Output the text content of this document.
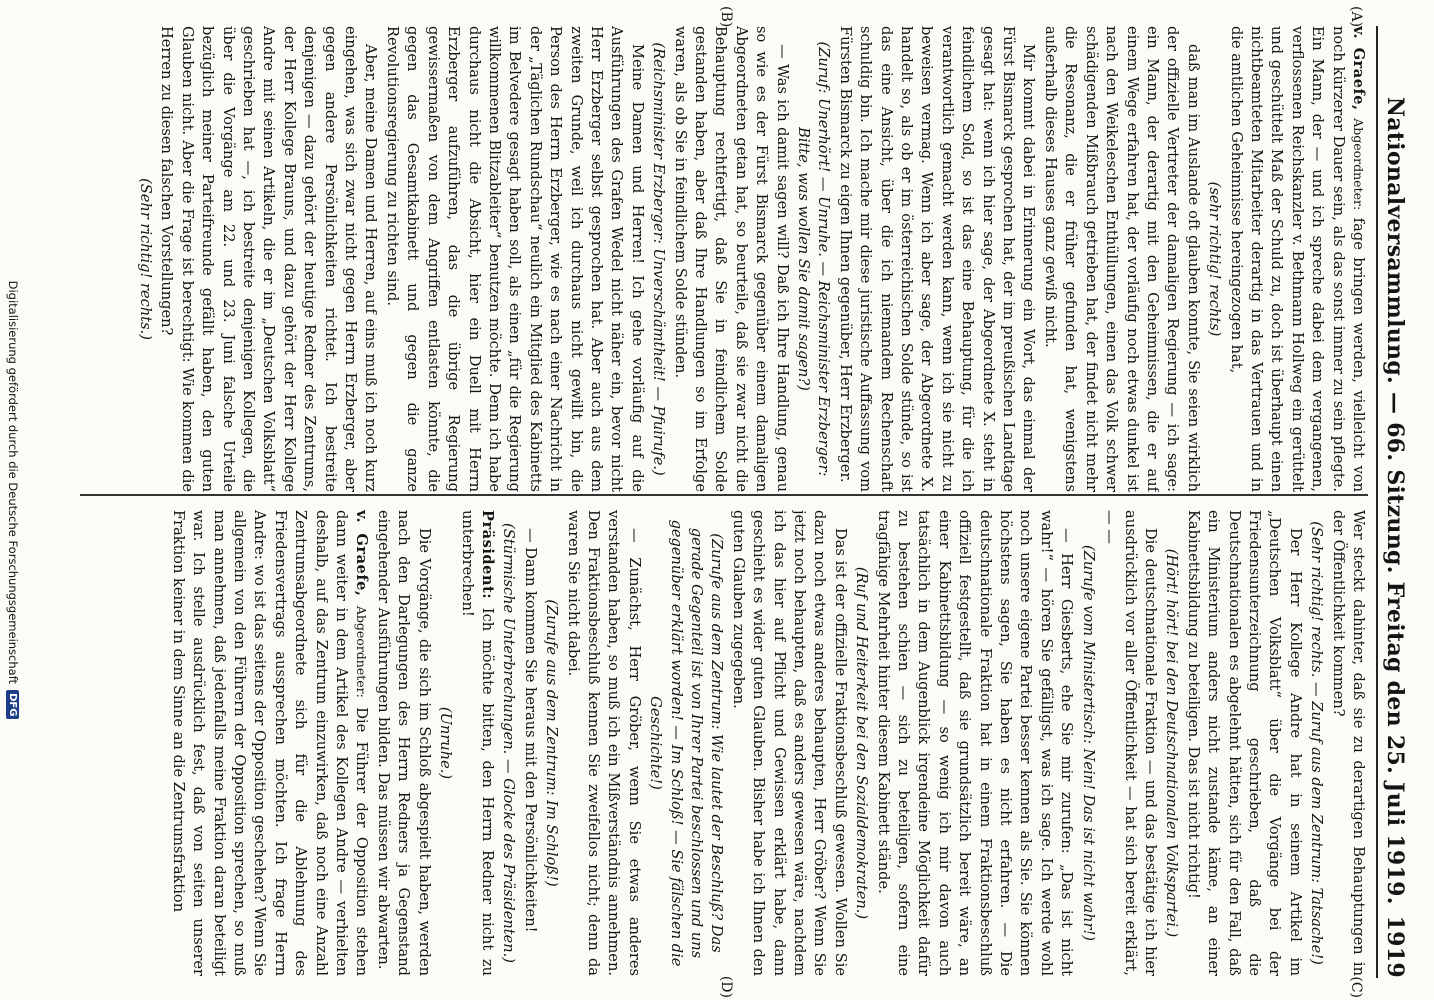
Nationalversammlung. — 66. Sitzung. Freitag den 25. Juli 1919.
1919
(A)
(B)
(C)
(D)

v. Graefe, Abgeordneter: fage bringen werden, vielleicht von noch kürzerer Dauer sein, als das sonst immer zu sein pflegte. Ein Mann, der — und ich spreche dabei dem vergangenen, verflossenen Reichskanzler v. Bethmann Hollweg ein gerüttelt und geschüttelt Maß der Schuld zu, doch ist überhaupt einen nichtbeamteten Mitarbeiter derartig in das Vertrauen und in die amtlichen Geheimnisse hereingezogen hat,

(sehr richtig! rechts)

daß man im Auslande oft glauben konnte, Sie seien wirklich der offizielle Vertreter der damaligen Regierung — ich sage: ein Mann, der derartig mit den Geheimnissen, die er auf einem Wege erfahren hat, der vorläufig noch etwas dunkel ist nach den Weikeleschen Enthüllungen, einen das Volk schwer schädigenden Mißbrauch getrieben hat, der findet nicht mehr die Resonanz, die er früher gefunden hat, wenigstens außerhalb dieses Hauses ganz gewiß nicht.

Mir kommt dabei in Erinnerung ein Wort, das einmal der Fürst Bismarck gesprochen hat, der im preußischen Landtage gesagt hat: wenn ich hier sage, der Abgeordnete X. steht in feindlichem Sold, so ist das eine Behauptung, für die ich verantwortlich gemacht werden kann, wenn ich sie nicht zu beweisen vermag. Wenn ich aber sage, der Abgeordnete X. handelt so, als ob er im österreichischen Solde stünde, so ist das eine Ansicht, über die ich niemandem Rechenschaft schuldig bin. Ich mache mir diese juristische Auffassung vom Fürsten Bismarck zu eigen Ihnen gegenüber, Herr Erzberger.

(Zuruf: Unerhört! — Unruhe. — Reichsminister Erzberger: Bitte, was wollen Sie damit sagen?)

— Was ich damit sagen will? Daß ich Ihre Handlung, genau so wie es der Fürst Bismarck gegenüber einem damaligen Abgeordneten getan hat, so beurteile, daß sie zwar nicht die Behauptung rechtfertigt, daß Sie in feindlichem Solde gestanden haben, aber daß Ihre Handlungen so im Erfolge waren, als ob Sie in feindlichem Solde stünden.

(Reichsminister Erzberger: Unverschämtheit! — Pfuirufe.)

Meine Damen und Herren! Ich gehe vorläufig auf die Ausführungen des Grafen Wedel nicht näher ein, bevor nicht Herr Erzberger selbst gesprochen hat. Aber auch aus dem zweiten Grunde, weil ich durchaus nicht gewillt bin, die Person des Herrn Erzberger, wie es nach einer Nachricht in der „Täglichen Rundschau“ neulich ein Mitglied des Kabinetts im Belvedere gesagt haben soll, als einen „für die Regierung willkommenen Blitzableiter“ benutzen möchte. Denn ich habe durchaus nicht die Absicht, hier ein Duell mit Herrn Erzberger aufzuführen, das die übrige Regierung gewissermaßen von dem Angriffen entlasten könnte, die gegen das Gesamtkabinett und gegen die ganze Revolutionsregierung zu richten sind.

Aber, meine Damen und Herren, auf eins muß ich noch kurz eingehen, was sich zwar nicht gegen Herrn Erzberger, aber gegen andere Persönlichkeiten richtet. Ich bestreite denjenigen — dazu gehört der heutige Redner des Zentrums, der Herr Kollege Brauns, und dazu gehört der Herr Kollege Andre mit seinen Artikeln, die er im „Deutschen Volksblatt“ geschrieben hat —, ich bestreite denjenigen Kollegen, die über die Vorgänge am 22. und 23. Juni falsche Urteile bezüglich meiner Parteifreunde gefällt haben, den guten Glauben nicht. Aber die Frage ist berechtigt: Wie kommen die Herren zu diesen falschen Vorstellungen?

(Sehr richtig! rechts.)

Wer steckt dahinter, daß sie zu derartigen Behauptungen in der Öffentlichkeit kommen?

(Sehr richtig! rechts. — Zuruf aus dem Zentrum: Tatsache!)

Der Herr Kollege Andre hat in seinem Artikel im „Deutschen Volksblatt“ über die Vorgänge bei der Friedensunterzeichnung geschrieben, daß die Deutschnationalen es abgelehnt hätten, sich für den Fall, daß ein Ministerium anders nicht zustande käme, an einer Kabinettsbildung zu beteiligen. Das ist nicht richtig!

(Hört! hört! bei den Deutschnationalen Volkspartei.)

Die deutschnationale Fraktion — und das bestätige ich hier ausdrücklich vor aller Öffentlichkeit — hat sich bereit erklärt, — —

(Zurufe vom Ministertisch: Nein! Das ist nicht wahr!)

— Herr Giesberts, ehe Sie mir zurufen: „Das ist nicht wahr!“ — hören Sie gefälligst, was ich sage. Ich werde wohl noch unsere eigene Partei besser kennen als Sie. Sie können höchstens sagen, Sie haben es nicht erfahren. — Die deutschnationale Fraktion hat in einem Fraktionsbeschluß offiziell festgestellt, daß sie grundsätzlich bereit wäre, an einer Kabinettsbildung — so wenig ich mir davon auch tatsächlich in dem Augenblick irgendeine Möglichkeit dafür zu bestehen schien — sich zu beteiligen, sofern eine tragfähige Mehrheit hinter diesem Kabinett stände.

(Ruf und Heiterkeit bei den Sozialdemokraten.)

Das ist der offizielle Fraktionsbeschluß gewesen. Wollen Sie dazu noch etwas anderes behaupten, Herr Gröber? Wenn Sie jetzt noch behaupten, daß es anders gewesen wäre, nachdem ich das hier auf Pflicht und Gewissen erklärt habe, dann geschieht es wider guten Glauben. Bisher habe ich Ihnen den guten Glauben zugegeben.

(Zurufe aus dem Zentrum: Wie lautet der Beschluß? Das gerade Gegenteil ist von Ihrer Partei beschlossen und uns gegenüber erklärt worden! — Im Schloß! — Sie fälschen die Geschichte!)

— Zunächst, Herr Gröber, wenn Sie etwas anderes verstanden haben, so muß ich ein Mißverständnis annehmen. Den Fraktionsbeschluß kennen Sie zweifellos nicht; denn da waren Sie nicht dabei.

(Zurufe aus dem Zentrum: Im Schloß!)

— Dann kommen Sie heraus mit den Persönlichkeiten!

(Stürmische Unterbrechungen. — Glocke des Präsidenten.)

Präsident: Ich möchte bitten, den Herrn Redner nicht zu unterbrechen!

(Unruhe.)

Die Vorgänge, die sich im Schloß abgespielt haben, werden nach den Darlegungen des Herrn Redners ja Gegenstand eingehender Ausführungen bilden. Das müssen wir abwarten.

v. Graefe, Abgeordneter: Die Führer der Opposition stehen dann weiter in dem Artikel des Kollegen Andre — verhielten deshalb, auf das Zentrum einzuwirken, daß noch eine Anzahl Zentrumsabgeordnete sich für die Ablehnung des Friedensvertrags aussprechen möchten. Ich frage Herrn Andre: wo ist das seitens der Opposition geschehen? Wenn Sie allgemein von den Führern der Opposition sprechen, so muß man annehmen, daß jedenfalls meine Fraktion daran beteiligt war. Ich stelle ausdrücklich fest, daß von seiten unserer Fraktion keiner in dem Sinne an die Zentrumsfraktion

Digitalisierung gefördert durch die Deutsche Forschungsgemeinschaft
DFG
